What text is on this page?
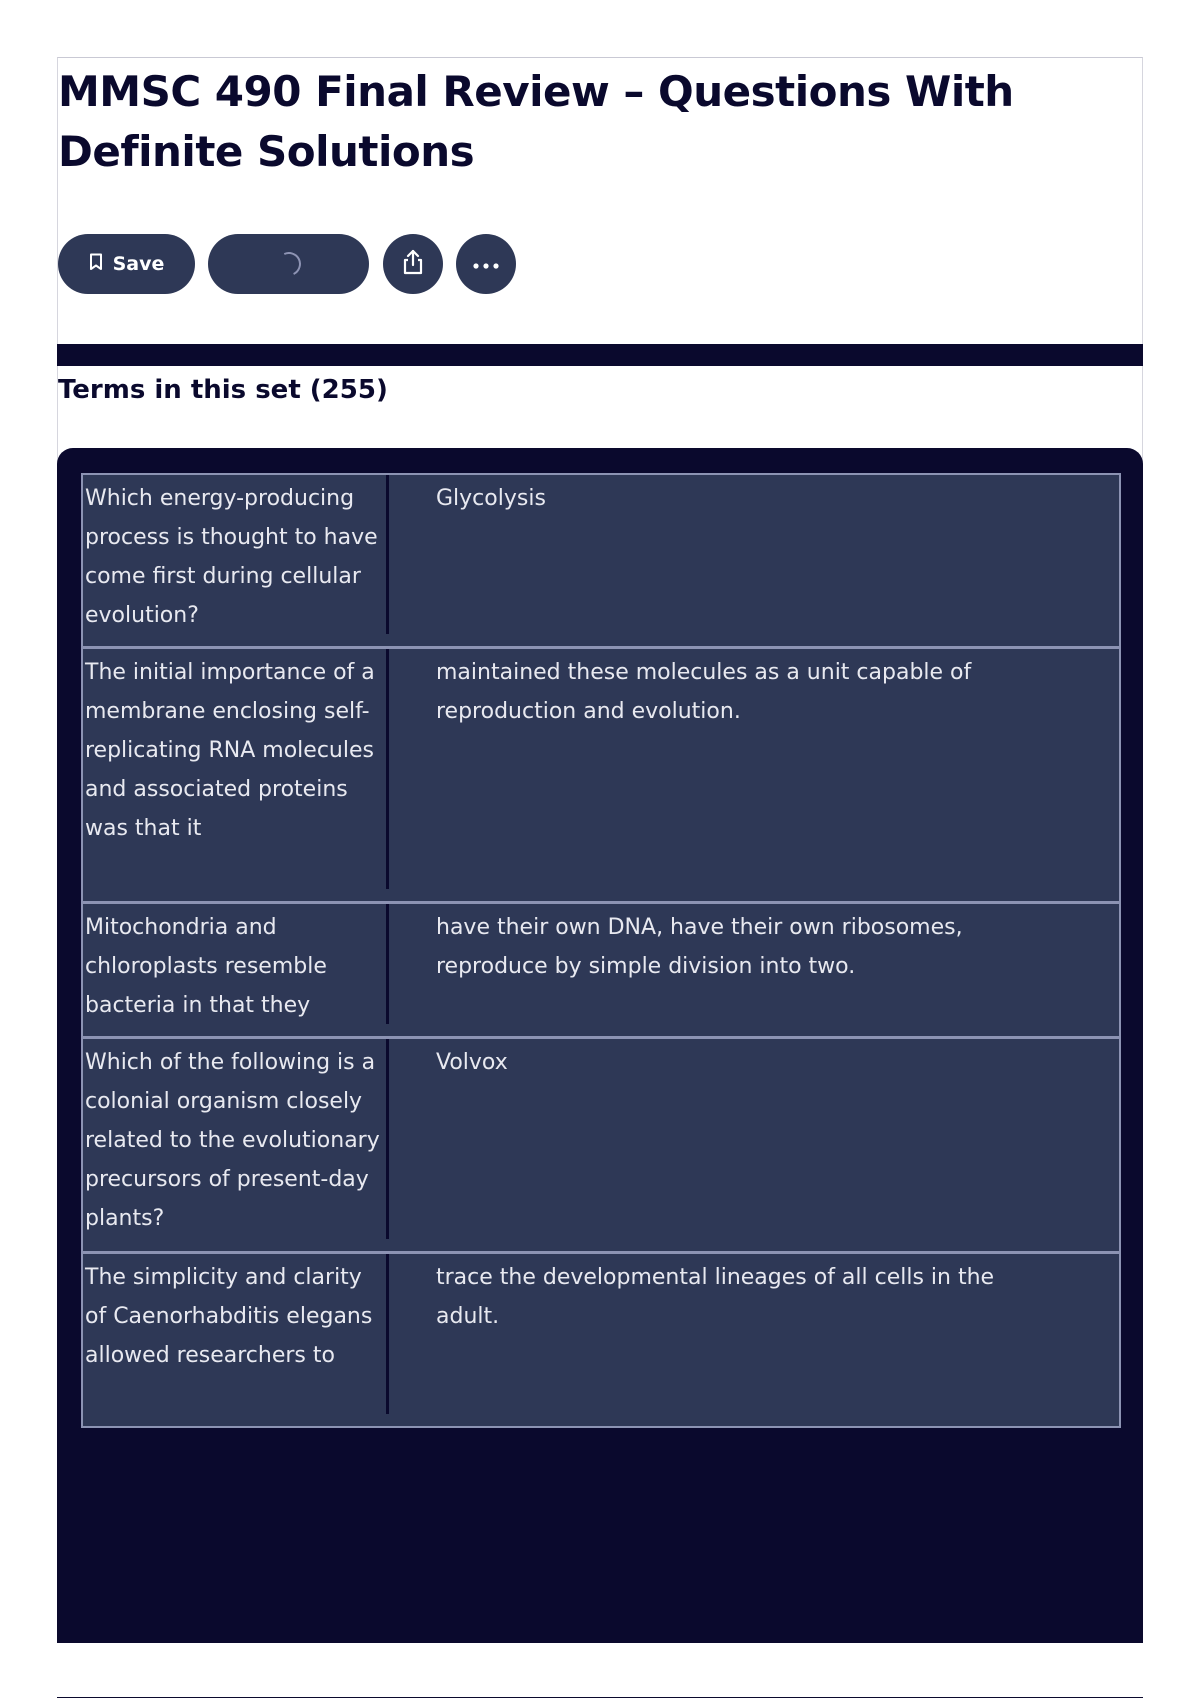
MMSC 490 Final Review – Questions With Definite Solutions
Save
Terms in this set (255)
Which energy-producing process is thought to have come first during cellular evolution?
Glycolysis
The initial importance of a membrane enclosing self-replicating RNA molecules and associated proteins was that it
maintained these molecules as a unit capable of reproduction and evolution.
Mitochondria and chloroplasts resemble bacteria in that they
have their own DNA, have their own ribosomes, reproduce by simple division into two.
Which of the following is a colonial organism closely related to the evolutionary precursors of present-day plants?
Volvox
The simplicity and clarity of Caenorhabditis elegans allowed researchers to
trace the developmental lineages of all cells in the adult.
